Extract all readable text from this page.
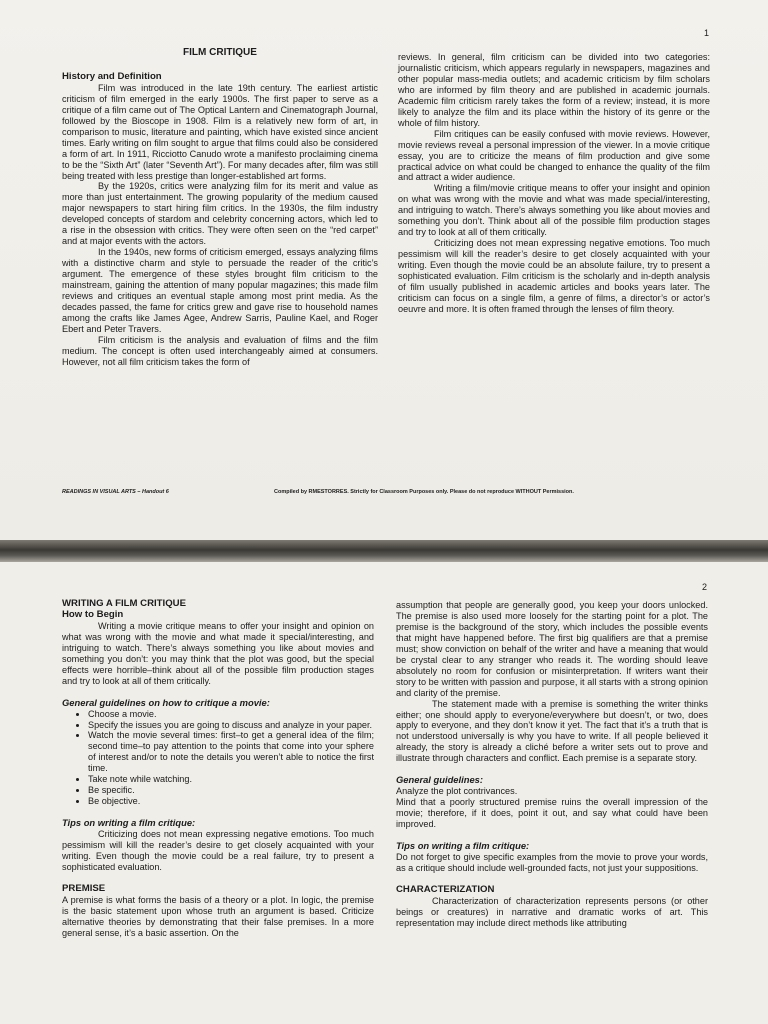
1
FILM CRITIQUE
History and Definition

Film was introduced in the late 19th century. The earliest artistic criticism of film emerged in the early 1900s. The first paper to serve as a critique of a film came out of The Optical Lantern and Cinematograph Journal, followed by the Bioscope in 1908. Film is a relatively new form of art, in comparison to music, literature and painting, which have existed since ancient times. Early writing on film sought to argue that films could also be considered a form of art. In 1911, Ricciotto Canudo wrote a manifesto proclaiming cinema to be the “Sixth Art” (later “Seventh Art”). For many decades after, film was still being treated with less prestige than longer-established art forms.

By the 1920s, critics were analyzing film for its merit and value as more than just entertainment. The growing popularity of the medium caused major newspapers to start hiring film critics. In the 1930s, the film industry developed concepts of stardom and celebrity concerning actors, which led to a rise in the obsession with critics. They were often seen on the “red carpet” and at major events with the actors.

In the 1940s, new forms of criticism emerged, essays analyzing films with a distinctive charm and style to persuade the reader of the critic’s argument. The emergence of these styles brought film criticism to the mainstream, gaining the attention of many popular magazines; this made film reviews and critiques an eventual staple among most print media. As the decades passed, the fame for critics grew and gave rise to household names among the crafts like James Agee, Andrew Sarris, Pauline Kael, and Roger Ebert and Peter Travers.

Film criticism is the analysis and evaluation of films and the film medium. The concept is often used interchangeably aimed at consumers. However, not all film criticism takes the form of

reviews. In general, film criticism can be divided into two categories: journalistic criticism, which appears regularly in newspapers, magazines and other popular mass-media outlets; and academic criticism by film scholars who are informed by film theory and are published in academic journals. Academic film criticism rarely takes the form of a review; instead, it is more likely to analyze the film and its place within the history of its genre or the whole of film history.

Film critiques can be easily confused with movie reviews. However, movie reviews reveal a personal impression of the viewer. In a movie critique essay, you are to criticize the means of film production and give some practical advice on what could be changed to enhance the quality of the film and attract a wider audience.

Writing a film/movie critique means to offer your insight and opinion on what was wrong with the movie and what was made special/interesting, and intriguing to watch. There’s always something you like about movies and something you don’t. Think about all of the possible film production stages and try to look at all of them critically.

Criticizing does not mean expressing negative emotions. Too much pessimism will kill the reader’s desire to get closely acquainted with your writing. Even though the movie could be an absolute failure, try to present a sophisticated evaluation. Film criticism is the scholarly and in-depth analysis of film usually published in academic articles and books years later. The criticism can focus on a single film, a genre of films, a director’s or actor’s oeuvre and more. It is often framed through the lenses of film theory.

READINGS IN VISUAL ARTS – Handout 6	Compiled by RMESTORRES. Strictly for Classroom Purposes only. Please do not reproduce WITHOUT Permission.
2
WRITING A FILM CRITIQUE
How to Begin

Writing a movie critique means to offer your insight and opinion on what was wrong with the movie and what made it special/interesting, and intriguing to watch. There’s always something you like about movies and something you don’t: you may think that the plot was good, but the special effects were horrible–think about all of the possible film production stages and try to look at all of them critically.

General guidelines on how to critique a movie:
• Choose a movie.
• Specify the issues you are going to discuss and analyze in your paper.
• Watch the movie several times: first–to get a general idea of the film; second time–to pay attention to the points that come into your sphere of interest and/or to note the details you weren’t able to notice the first time.
• Take note while watching.
• Be specific.
• Be objective.
Tips on writing a film critique:

Criticizing does not mean expressing negative emotions. Too much pessimism will kill the reader’s desire to get closely acquainted with your writing. Even though the movie could be a real failure, try to present a sophisticated evaluation.

PREMISE

A premise is what forms the basis of a theory or a plot. In logic, the premise is the basic statement upon whose truth an argument is based. Criticize alternative theories by demonstrating that their false premises. In a more general sense, it’s a basic assertion. On the

assumption that people are generally good, you keep your doors unlocked. The premise is also used more loosely for the starting point for a plot. The premise is the background of the story, which includes the possible events that might have happened before. The first big qualifiers are that a premise must; show conviction on behalf of the writer and have a meaning that would be crystal clear to any stranger who reads it. The wording should leave absolutely no room for confusion or misinterpretation. If writers want their story to be written with passion and purpose, it all starts with a strong opinion and clarity of the premise.

The statement made with a premise is something the writer thinks either; one should apply to everyone/everywhere but doesn’t, or two, does apply to everyone, and they don’t know it yet. The fact that it’s a truth that is not understood universally is why you have to write. If all people believed it already, the story is already a cliché before a writer sets out to prove and illustrate through characters and conflict. Each premise is a separate story.

General guidelines:

Analyze the plot contrivances.

Mind that a poorly structured premise ruins the overall impression of the movie; therefore, if it does, point it out, and say what could have been improved.

Tips on writing a film critique:

Do not forget to give specific examples from the movie to prove your words, as a critique should include well-grounded facts, not just your suppositions.

CHARACTERIZATION

Characterization of characterization represents persons (or other beings or creatures) in narrative and dramatic works of art. This representation may include direct methods like attributing
